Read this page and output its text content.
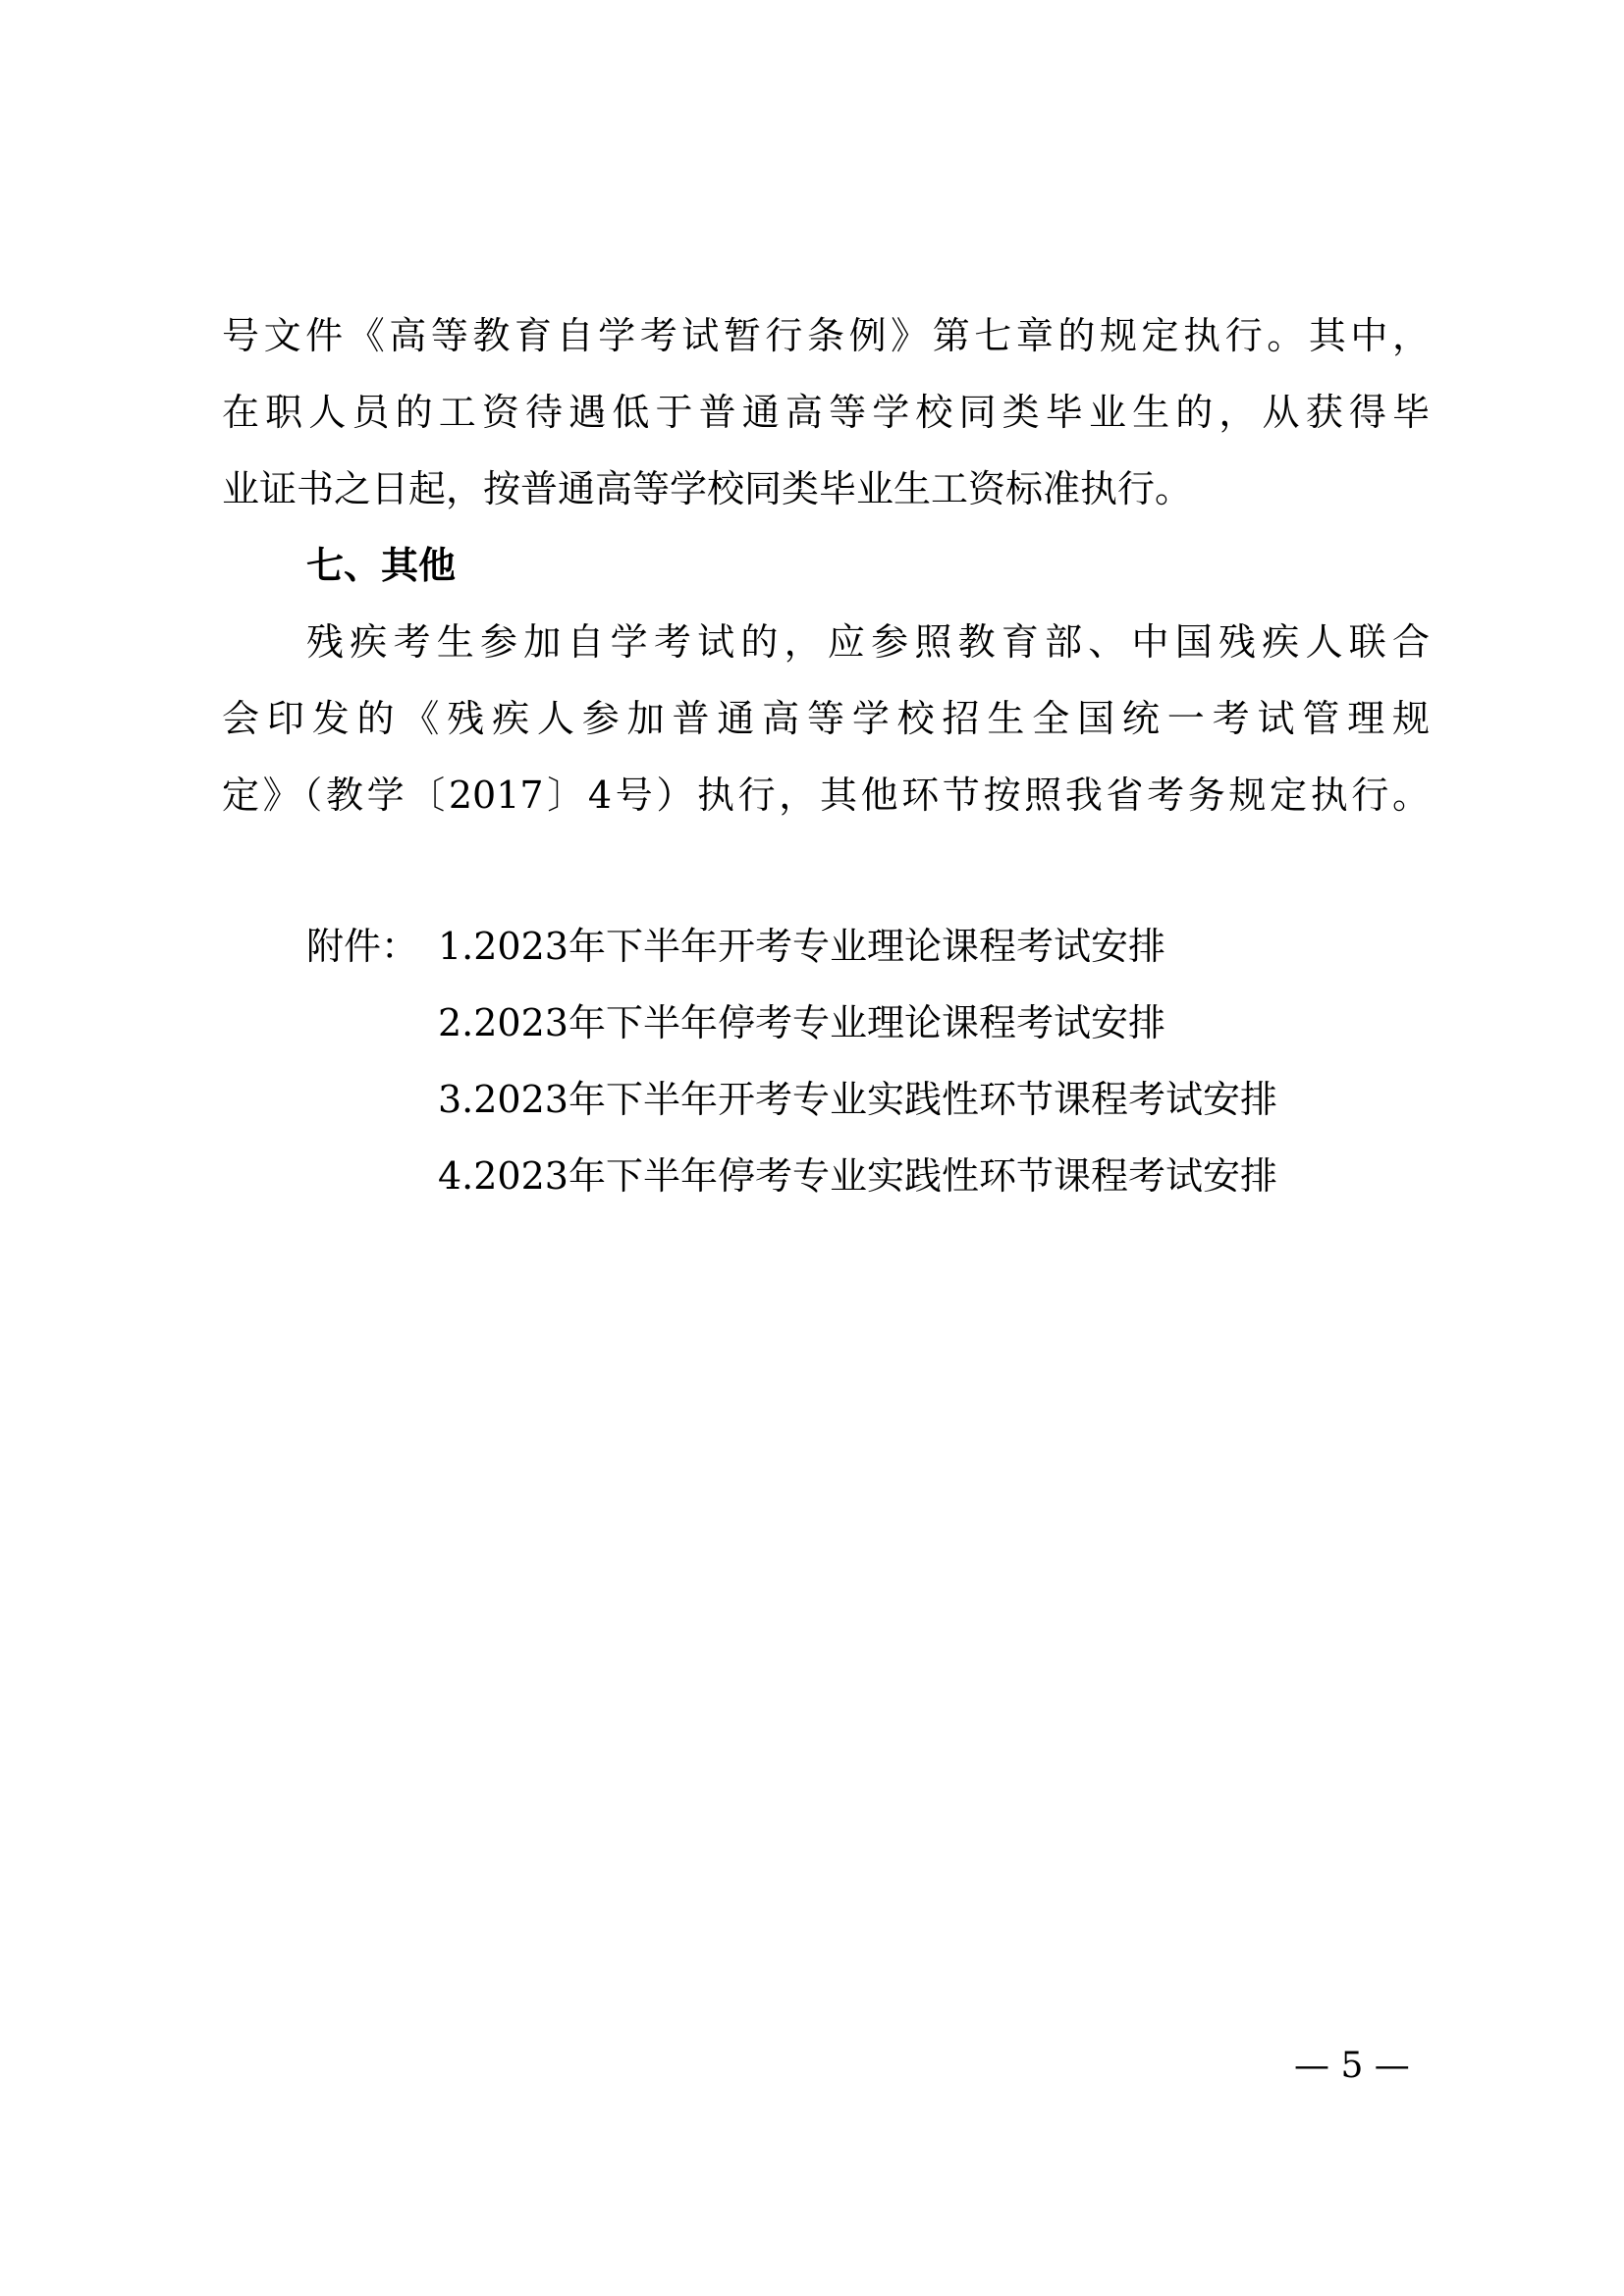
号文件《高等教育自学考试暂行条例》第七章的规定执行。其中，
在职人员的工资待遇低于普通高等学校同类毕业生的，从获得毕
业证书之日起，按普通高等学校同类毕业生工资标准执行。
七、其他
残疾考生参加自学考试的，应参照教育部、中国残疾人联合
会印发的《残疾人参加普通高等学校招生全国统一考试管理规
定》（教学〔2017〕4号）执行，其他环节按照我省考务规定执行。
附件： 1.2023年下半年开考专业理论课程考试安排
2.2023年下半年停考专业理论课程考试安排
3.2023年下半年开考专业实践性环节课程考试安排
4.2023年下半年停考专业实践性环节课程考试安排
— 5 —
